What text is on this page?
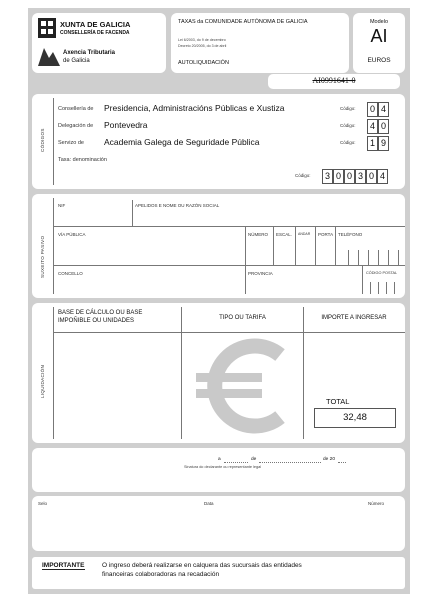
XUNTA DE GALICIA
CONSELLERÍA DE FACENDA
Axencia Tributaria
de Galicia
TAXAS da COMUNIDADE AUTÓNOMA DE GALICIA
Lei 6/2003, do 9 de decembro
Decreto 20/2005, do 3 de abril
AUTOLIQUIDACIÓN
Modelo
AI
EUROS
AI0991641-0
CÓDIGOS
Consellería de Presidencia, Administracións Públicas e Xustiza	Código:	0 4
Delegación de Pontevedra	Código:	4 0
Servizo de Academia Galega de Seguridade Pública	Código:	1 9
Taxa: denominación
Código:	3 0 0 3 0 4
SUXEITO PASIVO
NIF	APELIDOS E NOME OU RAZÓN SOCIAL
VÍA PÚBLICA	NÚMERO ESCAL. ANDAR PORTA TELÉFONO
CONCELLO	PROVINCIA	CÓDIGO POSTAL
LIQUIDACIÓN
BASE DE CÁLCULO OU BASE
IMPOÑIBLE OU UNIDADES	TIPO OU TARIFA	IMPORTE A INGRESAR
TOTAL
32,48
a	de	de 20
Sinatura do declarante ou representante legal
Selo	Data	Número
IMPORTANTE	O ingreso deberá realizarse en calquera das sucursais das entidades
financeiras colaboradoras na recadación
